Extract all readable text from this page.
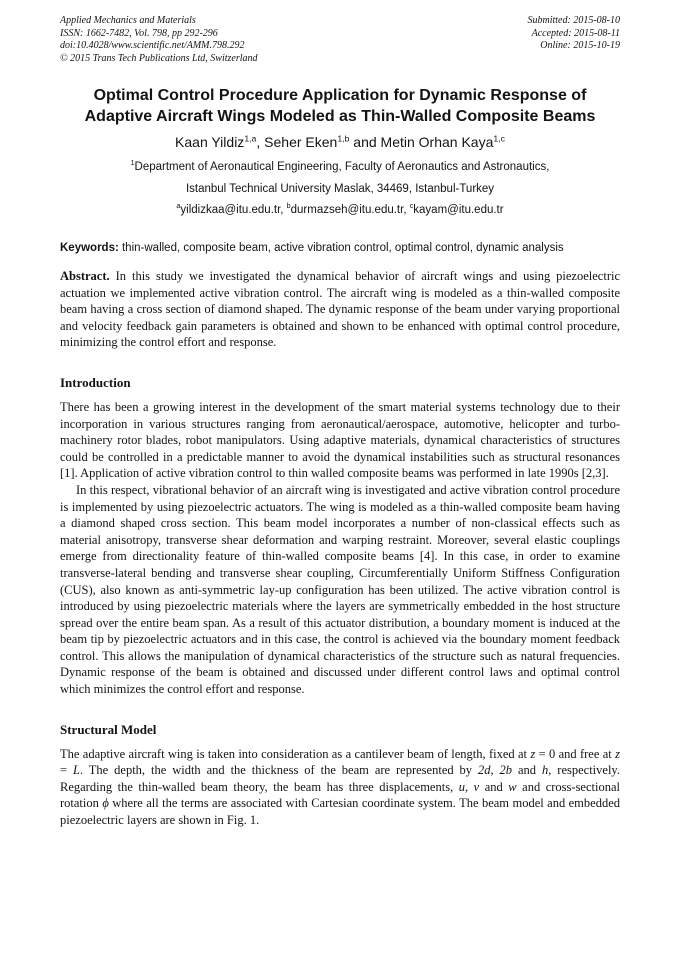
Applied Mechanics and Materials
ISSN: 1662-7482, Vol. 798, pp 292-296
doi:10.4028/www.scientific.net/AMM.798.292
© 2015 Trans Tech Publications Ltd, Switzerland
Submitted: 2015-08-10
Accepted: 2015-08-11
Online: 2015-10-19
Optimal Control Procedure Application for Dynamic Response of
Adaptive Aircraft Wings Modeled as Thin-Walled Composite Beams
Kaan Yildiz$^{1,a}$, Seher Eken$^{1,b}$ and Metin Orhan Kaya$^{1,c}$
$^1$Department of Aeronautical Engineering, Faculty of Aeronautics and Astronautics,
Istanbul Technical University Maslak, 34469, Istanbul-Turkey
$^a$yildizkaa@itu.edu.tr, $^b$durmazseh@itu.edu.tr, $^c$kayam@itu.edu.tr
Keywords: thin-walled, composite beam, active vibration control, optimal control, dynamic analysis
Abstract. In this study we investigated the dynamical behavior of aircraft wings and using piezoelectric actuation we implemented active vibration control. The aircraft wing is modeled as a thin-walled composite beam having a cross section of diamond shaped. The dynamic response of the beam under varying proportional and velocity feedback gain parameters is obtained and shown to be enhanced with optimal control procedure, minimizing the control effort and response.
Introduction
There has been a growing interest in the development of the smart material systems technology due to their incorporation in various structures ranging from aeronautical/aerospace, automotive, helicopter and turbo-machinery rotor blades, robot manipulators. Using adaptive materials, dynamical characteristics of structures could be controlled in a predictable manner to avoid the dynamical instabilities such as structural resonances [1]. Application of active vibration control to thin walled composite beams was performed in late 1990s [2,3].
In this respect, vibrational behavior of an aircraft wing is investigated and active vibration control procedure is implemented by using piezoelectric actuators. The wing is modeled as a thin-walled composite beam having a diamond shaped cross section. This beam model incorporates a number of non-classical effects such as material anisotropy, transverse shear deformation and warping restraint. Moreover, several elastic couplings emerge from directionality feature of thin-walled composite beams [4]. In this case, in order to examine transverse-lateral bending and transverse shear coupling, Circumferentially Uniform Stiffness Configuration (CUS), also known as anti-symmetric lay-up configuration has been utilized. The active vibration control is introduced by using piezoelectric materials where the layers are symmetrically embedded in the host structure spread over the entire beam span. As a result of this actuator distribution, a boundary moment is induced at the beam tip by piezoelectric actuators and in this case, the control is achieved via the boundary moment feedback control. This allows the manipulation of dynamical characteristics of the structure such as natural frequencies. Dynamic response of the beam is obtained and discussed under different control laws and optimal control which minimizes the control effort and response.
Structural Model
The adaptive aircraft wing is taken into consideration as a cantilever beam of length, fixed at z = 0 and free at z = L. The depth, the width and the thickness of the beam are represented by 2d, 2b and h, respectively. Regarding the thin-walled beam theory, the beam has three displacements, u, v and w and cross-sectional rotation ϕ where all the terms are associated with Cartesian coordinate system. The beam model and embedded piezoelectric layers are shown in Fig. 1.
